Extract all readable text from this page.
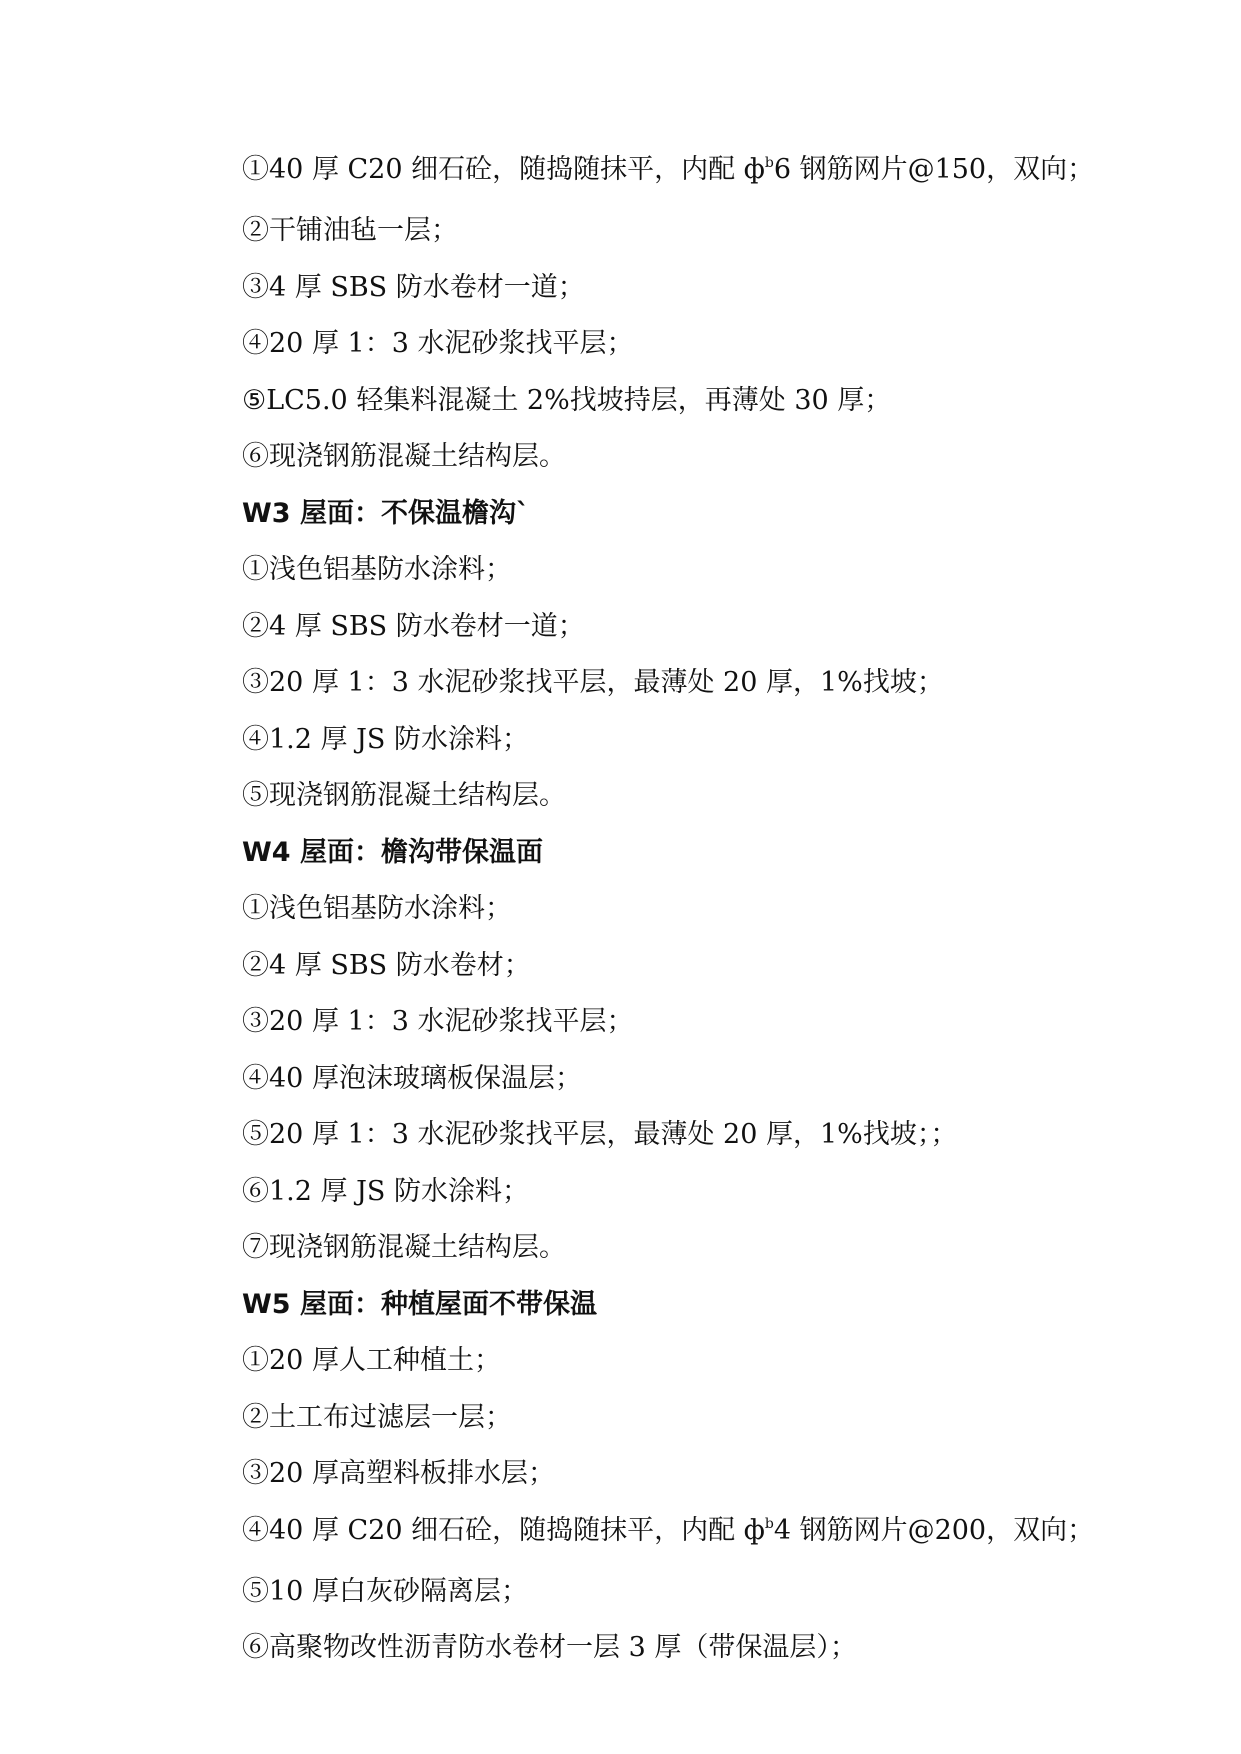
①40 厚 C20 细石砼，随捣随抹平，内配 $ф^b6$ 钢筋网片@150，双向；
②干铺油毡一层；
③4 厚 SBS 防水卷材一道；
④20 厚 1：3 水泥砂浆找平层；
⑤LC5.0 轻集料混凝土 2%找坡持层，再薄处 30 厚；
⑥现浇钢筋混凝土结构层。
W3 屋面：不保温檐沟`
①浅色铝基防水涂料；
②4 厚 SBS 防水卷材一道；
③20 厚 1：3 水泥砂浆找平层，最薄处 20 厚，1%找坡；
④1.2 厚 JS 防水涂料；
⑤现浇钢筋混凝土结构层。
W4 屋面：檐沟带保温面
①浅色铝基防水涂料；
②4 厚 SBS 防水卷材；
③20 厚 1：3 水泥砂浆找平层；
④40 厚泡沫玻璃板保温层；
⑤20 厚 1：3 水泥砂浆找平层，最薄处 20 厚，1%找坡；；
⑥1.2 厚 JS 防水涂料；
⑦现浇钢筋混凝土结构层。
W5 屋面：种植屋面不带保温
①20 厚人工种植土；
②土工布过滤层一层；
③20 厚高塑料板排水层；
④40 厚 C20 细石砼，随捣随抹平，内配 $ф^b4$ 钢筋网片@200，双向；
⑤10 厚白灰砂隔离层；
⑥高聚物改性沥青防水卷材一层 3 厚（带保温层）；
